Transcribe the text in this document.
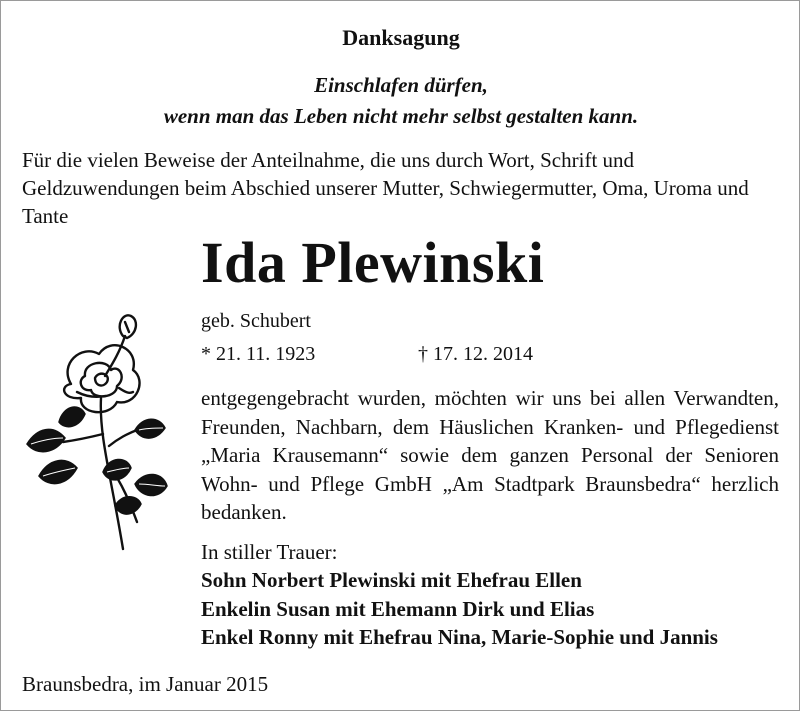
Danksagung
Einschlafen dürfen,
wenn man das Leben nicht mehr selbst gestalten kann.
Für die vielen Beweise der Anteilnahme, die uns durch Wort, Schrift und Geldzuwendungen beim Abschied unserer Mutter, Schwiegermutter, Oma, Uroma und Tante
Ida Plewinski
geb. Schubert
* 21. 11. 1923	† 17. 12. 2014
entgegengebracht wurden, möchten wir uns bei allen Verwandten, Freunden, Nachbarn, dem Häuslichen Kranken- und Pflegedienst „Maria Krausemann“ sowie dem ganzen Personal der Senioren Wohn- und Pflege GmbH „Am Stadtpark Braunsbedra“ herzlich bedanken.
In stiller Trauer:
Sohn Norbert Plewinski mit Ehefrau Ellen
Enkelin Susan mit Ehemann Dirk und Elias
Enkel Ronny mit Ehefrau Nina, Marie-Sophie und Jannis
Braunsbedra, im Januar 2015
